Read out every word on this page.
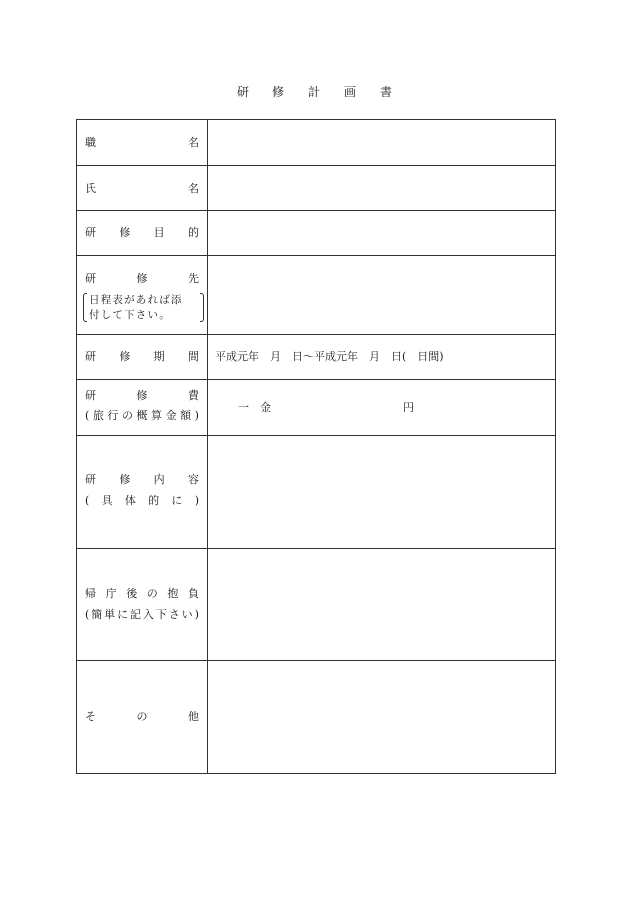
研 修 計 画 書
職	名
氏	名
研 修 目 的
研	修	先
日程表があれば添
付して下さい。
研 修 期 間 平成元年　月　日〜平成元年　月　日(　日間)
研	修	費
( 旅 行 の 概 算 金 額 )
一　金	円
研 修 内 容
( 具 体 的 に )
帰 庁 後 の 抱 負
( 簡 単 に 記 入 下 さ い )
そ	の	他
